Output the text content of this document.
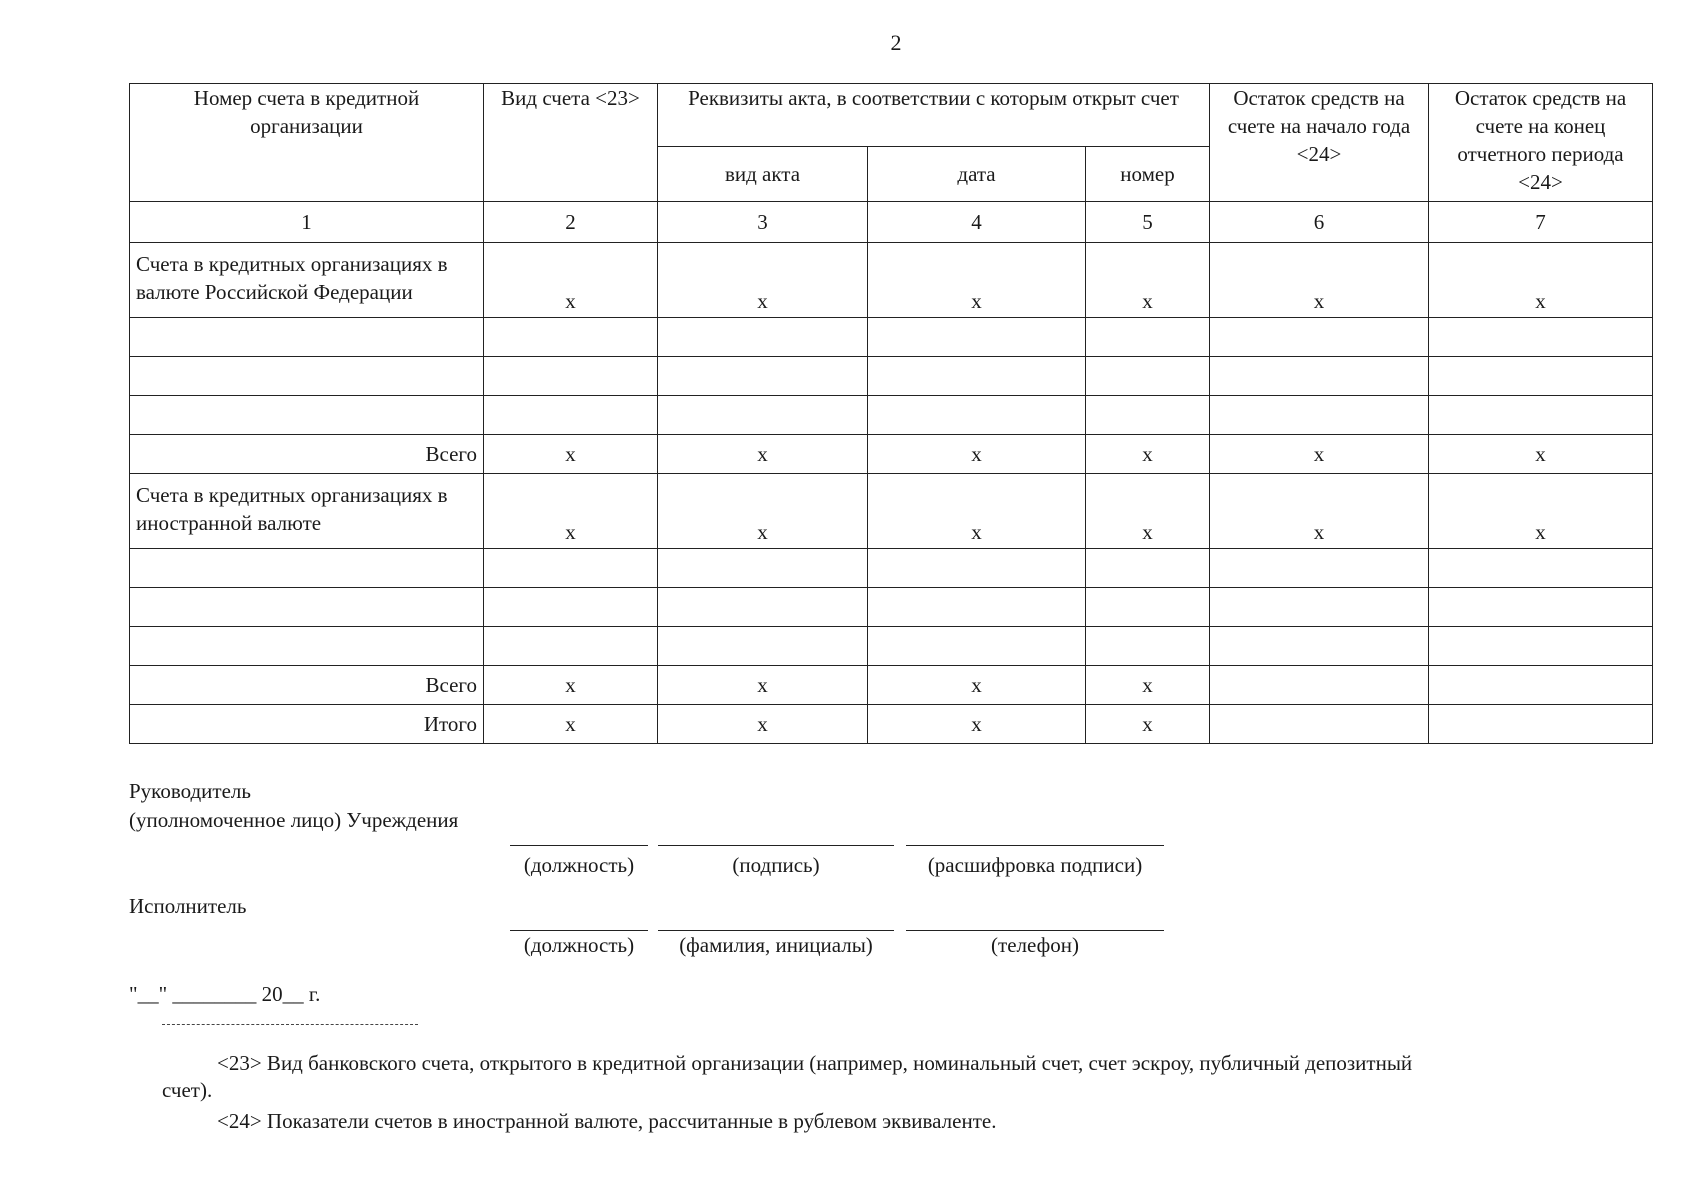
2
Номер счета в кредитной организации	Вид счета <23>	Реквизиты акта, в соответствии с которым открыт счет			Остаток средств на счете на начало года <24>	Остаток средств на счете на конец отчетного периода <24>
		вид акта	дата	номер		
1	2	3	4	5	6	7
Счета в кредитных организациях в валюте Российской Федерации	x	x	x	x	x	x

Всего	x	x	x	x	x	x
Счета в кредитных организациях в иностранной валюте	x	x	x	x	x	x

Всего	x	x	x	x		
Итого	x	x	x	x		
Руководитель
(уполномоченное лицо) Учреждения
(должность)	(подпись)	(расшифровка подписи)
Исполнитель
(должность)	(фамилия, инициалы)	(телефон)
"__" ________ 20__ г.
<23> Вид банковского счета, открытого в кредитной организации (например, номинальный счет, счет эскроу, публичный депозитный
счет).
<24> Показатели счетов в иностранной валюте, рассчитанные в рублевом эквиваленте.
